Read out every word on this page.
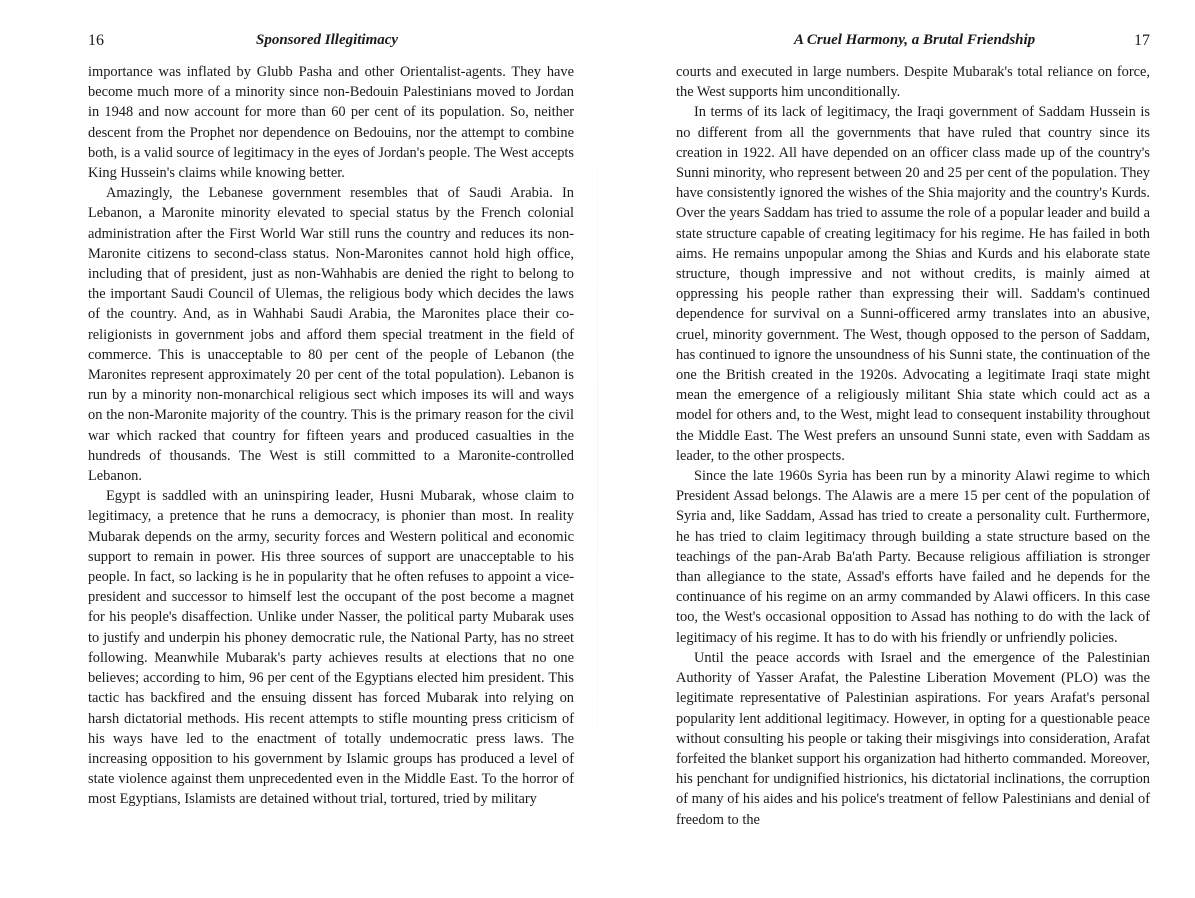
16	Sponsored Illegitimacy

importance was inflated by Glubb Pasha and other Orientalist-agents. They have become much more of a minority since non-Bedouin Palestinians moved to Jordan in 1948 and now account for more than 60 per cent of its population. So, neither descent from the Prophet nor dependence on Bedouins, nor the attempt to combine both, is a valid source of legitimacy in the eyes of Jordan's people. The West accepts King Hussein's claims while knowing better.

Amazingly, the Lebanese government resembles that of Saudi Arabia. In Lebanon, a Maronite minority elevated to special status by the French colonial administration after the First World War still runs the country and reduces its non-Maronite citizens to second-class status. Non-Maronites cannot hold high office, including that of president, just as non-Wahhabis are denied the right to belong to the important Saudi Council of Ulemas, the religious body which decides the laws of the country. And, as in Wahhabi Saudi Arabia, the Maronites place their co-religionists in government jobs and afford them special treatment in the field of commerce. This is unacceptable to 80 per cent of the people of Lebanon (the Maronites represent approximately 20 per cent of the total population). Lebanon is run by a minority non-monarchical religious sect which imposes its will and ways on the non-Maronite majority of the country. This is the primary reason for the civil war which racked that country for fifteen years and produced casualties in the hundreds of thousands. The West is still committed to a Maronite-controlled Lebanon.

Egypt is saddled with an uninspiring leader, Husni Mubarak, whose claim to legitimacy, a pretence that he runs a democracy, is phonier than most. In reality Mubarak depends on the army, security forces and Western political and economic support to remain in power. His three sources of support are unacceptable to his people. In fact, so lacking is he in popularity that he often refuses to appoint a vice-president and successor to himself lest the occupant of the post become a magnet for his people's disaffection. Unlike under Nasser, the political party Mubarak uses to justify and underpin his phoney democratic rule, the National Party, has no street following. Meanwhile Mubarak's party achieves results at elections that no one believes; according to him, 96 per cent of the Egyptians elected him president. This tactic has backfired and the ensuing dissent has forced Mubarak into relying on harsh dictatorial methods. His recent attempts to stifle mounting press criticism of his ways have led to the enactment of totally undemocratic press laws. The increasing opposition to his government by Islamic groups has produced a level of state violence against them unprecedented even in the Middle East. To the horror of most Egyptians, Islamists are detained without trial, tortured, tried by military

A Cruel Harmony, a Brutal Friendship	17

courts and executed in large numbers. Despite Mubarak's total reliance on force, the West supports him unconditionally.

In terms of its lack of legitimacy, the Iraqi government of Saddam Hussein is no different from all the governments that have ruled that country since its creation in 1922. All have depended on an officer class made up of the country's Sunni minority, who represent between 20 and 25 per cent of the population. They have consistently ignored the wishes of the Shia majority and the country's Kurds. Over the years Saddam has tried to assume the role of a popular leader and build a state structure capable of creating legitimacy for his regime. He has failed in both aims. He remains unpopular among the Shias and Kurds and his elaborate state structure, though impressive and not without credits, is mainly aimed at oppressing his people rather than expressing their will. Saddam's continued dependence for survival on a Sunni-officered army translates into an abusive, cruel, minority government. The West, though opposed to the person of Saddam, has continued to ignore the unsoundness of his Sunni state, the continuation of the one the British created in the 1920s. Advocating a legitimate Iraqi state might mean the emergence of a religiously militant Shia state which could act as a model for others and, to the West, might lead to consequent instability throughout the Middle East. The West prefers an unsound Sunni state, even with Saddam as leader, to the other prospects.

Since the late 1960s Syria has been run by a minority Alawi regime to which President Assad belongs. The Alawis are a mere 15 per cent of the population of Syria and, like Saddam, Assad has tried to create a personality cult. Furthermore, he has tried to claim legitimacy through building a state structure based on the teachings of the pan-Arab Ba'ath Party. Because religious affiliation is stronger than allegiance to the state, Assad's efforts have failed and he depends for the continuance of his regime on an army commanded by Alawi officers. In this case too, the West's occasional opposition to Assad has nothing to do with the lack of legitimacy of his regime. It has to do with his friendly or unfriendly policies.

Until the peace accords with Israel and the emergence of the Palestinian Authority of Yasser Arafat, the Palestine Liberation Movement (PLO) was the legitimate representative of Palestinian aspirations. For years Arafat's personal popularity lent additional legitimacy. However, in opting for a questionable peace without consulting his people or taking their misgivings into consideration, Arafat forfeited the blanket support his organization had hitherto commanded. Moreover, his penchant for undignified histrionics, his dictatorial inclinations, the corruption of many of his aides and his police's treatment of fellow Palestinians and denial of freedom to the
